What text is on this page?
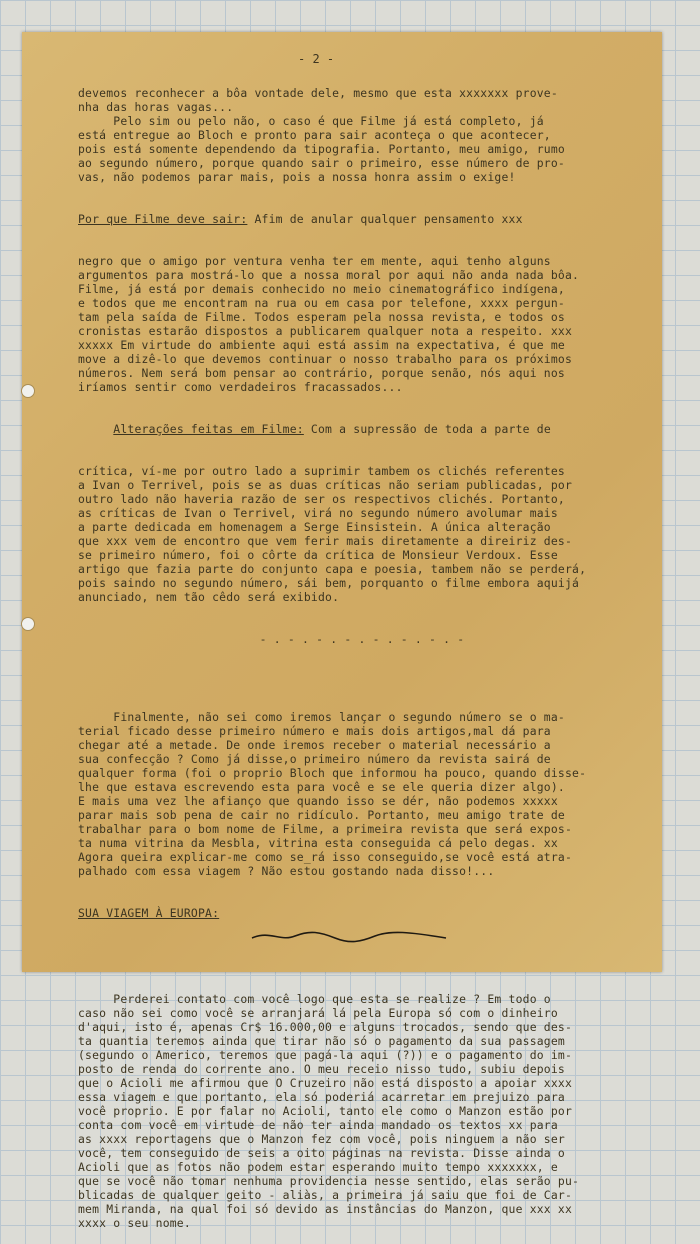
- 2 -

devemos reconhecer a bôa vontade dele, mesmo que esta xxxxxxx prove-
nha das horas vagas...
Pelo sim ou pelo não, o caso é que Filme já está completo, já
está entregue ao Bloch e pronto para sair aconteça o que acontecer,
pois está somente dependendo da tipografia. Portanto, meu amigo, rumo
ao segundo número, porque quando sair o primeiro, esse número de pro-
vas, não podemos parar mais, pois a nossa honra assim o exige!

Por que Filme deve sair: Afim de anular qualquer pensamento xxx

negro que o amigo por ventura venha ter em mente, aqui tenho alguns
argumentos para mostrá-lo que a nossa moral por aqui não anda nada bôa.
Filme, já está por demais conhecido no meio cinematográfico indígena,
e todos que me encontram na rua ou em casa por telefone, xxxx pergun-
tam pela saída de Filme. Todos esperam pela nossa revista, e todos os
cronistas estarão dispostos a publicarem qualquer nota a respeito. xxx
xxxxx Em virtude do ambiente aqui está assim na expectativa, é que me
move a dizê-lo que devemos continuar o nosso trabalho para os próximos
números. Nem será bom pensar ao contrário, porque senão, nós aqui nos
iríamos sentir como verdadeiros fracassados...

Alterações feitas em Filme: Com a supressão de toda a parte de

crítica, ví-me por outro lado a suprimir tambem os clichés referentes
a Ivan o Terrivel, pois se as duas críticas não seriam publicadas, por
outro lado não haveria razão de ser os respectivos clichés. Portanto,
as críticas de Ivan o Terrivel, virá no segundo número avolumar mais
a parte dedicada em homenagem a Serge Einsistein. A única alteração
que xxx vem de encontro que vem ferir mais diretamente a direiriz des-
se primeiro número, foi o côrte da crítica de Monsieur Verdoux. Esse
artigo que fazia parte do conjunto capa e poesia, tambem não se perderá,
pois saindo no segundo número, sái bem, porquanto o filme embora aquijá
anunciado, nem tão cêdo será exibido.

- . - . - . - . - . - . - . -

Finalmente, não sei como iremos lançar o segundo número se o ma-
terial ficado desse primeiro número e mais dois artigos,mal dá para
chegar até a metade. De onde iremos receber o material necessário a
sua confecção ? Como já disse,o primeiro número da revista sairá de
qualquer forma (foi o proprio Bloch que informou ha pouco, quando disse-
lhe que estava escrevendo esta para você e se ele queria dizer algo).
E mais uma vez lhe afianço que quando isso se dér, não podemos xxxxx
parar mais sob pena de cair no ridículo. Portanto, meu amigo trate de
trabalhar para o bom nome de Filme, a primeira revista que será expos-
ta numa vitrina da Mesbla, vitrina esta conseguida cá pelo degas. xx
Agora queira explicar-me como se_rá isso conseguido,se você está atra-
palhado com essa viagem ? Não estou gostando nada disso!...

SUA VIAGEM À EUROPA:

Perderei contato com você logo que esta se realize ? Em todo o
caso não sei como você se arranjará lá pela Europa só com o dinheiro
d'aqui, isto é, apenas Cr$ 16.000,00 e alguns trocados, sendo que des-
ta quantia teremos ainda que tirar não só o pagamento da sua passagem
(segundo o Americo, teremos que pagá-la aqui (?)) e o pagamento do im-
posto de renda do corrente ano. O meu receio nisso tudo, subiu depois
que o Acioli me afirmou que O Cruzeiro não está disposto a apoiar xxxx
essa viagem e que portanto, ela só poderiá acarretar em prejuizo para
você proprio. E por falar no Acioli, tanto ele como o Manzon estão por
conta com você em virtude de não ter ainda mandado os textos xx para
as xxxx reportagens que o Manzon fez com você, pois ninguem a não ser
você, tem conseguido de seis a oito páginas na revista. Disse ainda o
Acioli que as fotos não podem estar esperando muito tempo xxxxxxx, e
que se você não tomar nenhuma providencia nesse sentido, elas serão pu-
blicadas de qualquer geito - aliàs, a primeira já saiu que foi de Car-
mem Miranda, na qual foi só devido as instâncias do Manzon, que xxx xx
xxxx o seu nome.
